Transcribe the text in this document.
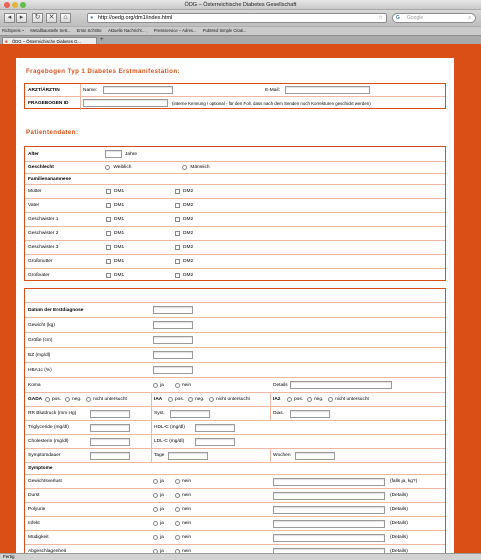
ÖDG – Österreichische Diabetes Gesellschaft
◂	▸	↻	✕	⌂	● http://oedg.org/dm1/index.html	☆	G Google	⌕
Richtpreis ~ Metallbaustelle Sett... Erste Schritte Aktuelle Nachricht... , Pressservice – Adres... PubMed Simple Citati...
■ ÖDG – Österreichische Diabetes G...	+
Fragebogen Typ 1 Diabetes Erstmanifestation:
ARZT/ÄRZTIN	Name:	E-Mail:
FRAGEBOGEN ID	(interne Kennung / optional - für den Foll. dass nach dem Senden noch Korrekturen geschickt werden)
Patientendaten:
Alter	Jahre
Geschlecht
	Weiblich
	Männlich
Familienanamnese
Mutter	DM1	DM2
Vater	DM1	DM2
Geschwister 1	DM1	DM2
Geschwister 2	DM1	DM2
Geschwister 3	DM1	DM2
Großmutter	DM1	DM2
Großvater	DM1	DM2
Datum der Erstdiagnose
Gewicht (kg)
Größe (cm)
BZ (mg/dl)
HBA1c (%)
Koma	ja	nein	Details
GADA pos. neg. nicht untersucht	IAA	pos. neg. nicht untersucht	IA2	pos. neg. nicht untersucht
RR Blutdruck (mm Hg)	Syst.	Dias.
Triglyceride (mg/dl)	HDL-C (mg/dl)
Cholesterin (mg/dl)	LDL-C (mg/dl)
Symptomdauer	Tage	Wochen
Symptome
Gewichtsverlust	ja	nein	(falls ja, kg?)
Durst	ja	nein	(Details)
Polyurie	ja	nein	(Details)
Infekt	ja	nein	(Details)
Müdigkeit	ja	nein	(Details)
Abgeschlagenheit	ja	nein	(Details)
Fertig
